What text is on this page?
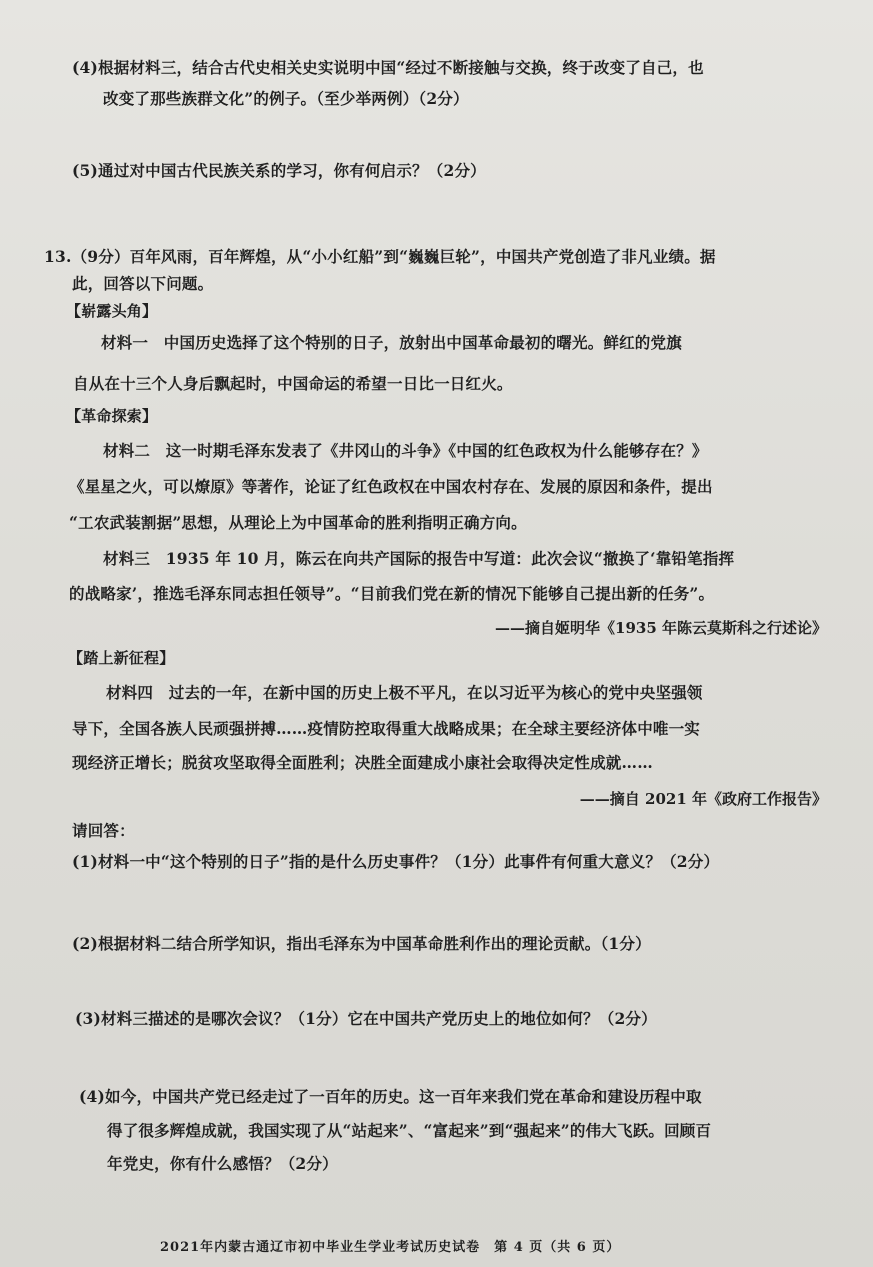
(4)根据材料三，结合古代史相关史实说明中国“经过不断接触与交换，终于改变了自己，也
改变了那些族群文化”的例子。（至少举两例）（2分）
(5)通过对中国古代民族关系的学习，你有何启示？（2分）
13.（9分）百年风雨，百年辉煌，从“小小红船”到“巍巍巨轮”，中国共产党创造了非凡业绩。据
此，回答以下问题。
【崭露头角】
材料一　中国历史选择了这个特别的日子，放射出中国革命最初的曙光。鲜红的党旗
自从在十三个人身后飘起时，中国命运的希望一日比一日红火。
【革命探索】
材料二　这一时期毛泽东发表了《井冈山的斗争》《中国的红色政权为什么能够存在？》
《星星之火，可以燎原》等著作，论证了红色政权在中国农村存在、发展的原因和条件，提出
“工农武装割据”思想，从理论上为中国革命的胜利指明正确方向。
材料三　1935 年 10 月，陈云在向共产国际的报告中写道：此次会议“撤换了‘靠铅笔指挥
的战略家’，推选毛泽东同志担任领导”。“目前我们党在新的情况下能够自己提出新的任务”。
——摘自姬明华《1935 年陈云莫斯科之行述论》
【踏上新征程】
材料四　过去的一年，在新中国的历史上极不平凡，在以习近平为核心的党中央坚强领
导下，全国各族人民顽强拼搏……疫情防控取得重大战略成果；在全球主要经济体中唯一实
现经济正增长；脱贫攻坚取得全面胜利；决胜全面建成小康社会取得决定性成就……
——摘自 2021 年《政府工作报告》
请回答：
(1)材料一中“这个特别的日子”指的是什么历史事件？（1分）此事件有何重大意义？（2分）
(2)根据材料二结合所学知识，指出毛泽东为中国革命胜利作出的理论贡献。（1分）
(3)材料三描述的是哪次会议？（1分）它在中国共产党历史上的地位如何？（2分）
(4)如今，中国共产党已经走过了一百年的历史。这一百年来我们党在革命和建设历程中取
得了很多辉煌成就，我国实现了从“站起来”、“富起来”到“强起来”的伟大飞跃。回顾百
年党史，你有什么感悟？（2分）
2021年内蒙古通辽市初中毕业生学业考试历史试卷　第 4 页（共 6 页）
